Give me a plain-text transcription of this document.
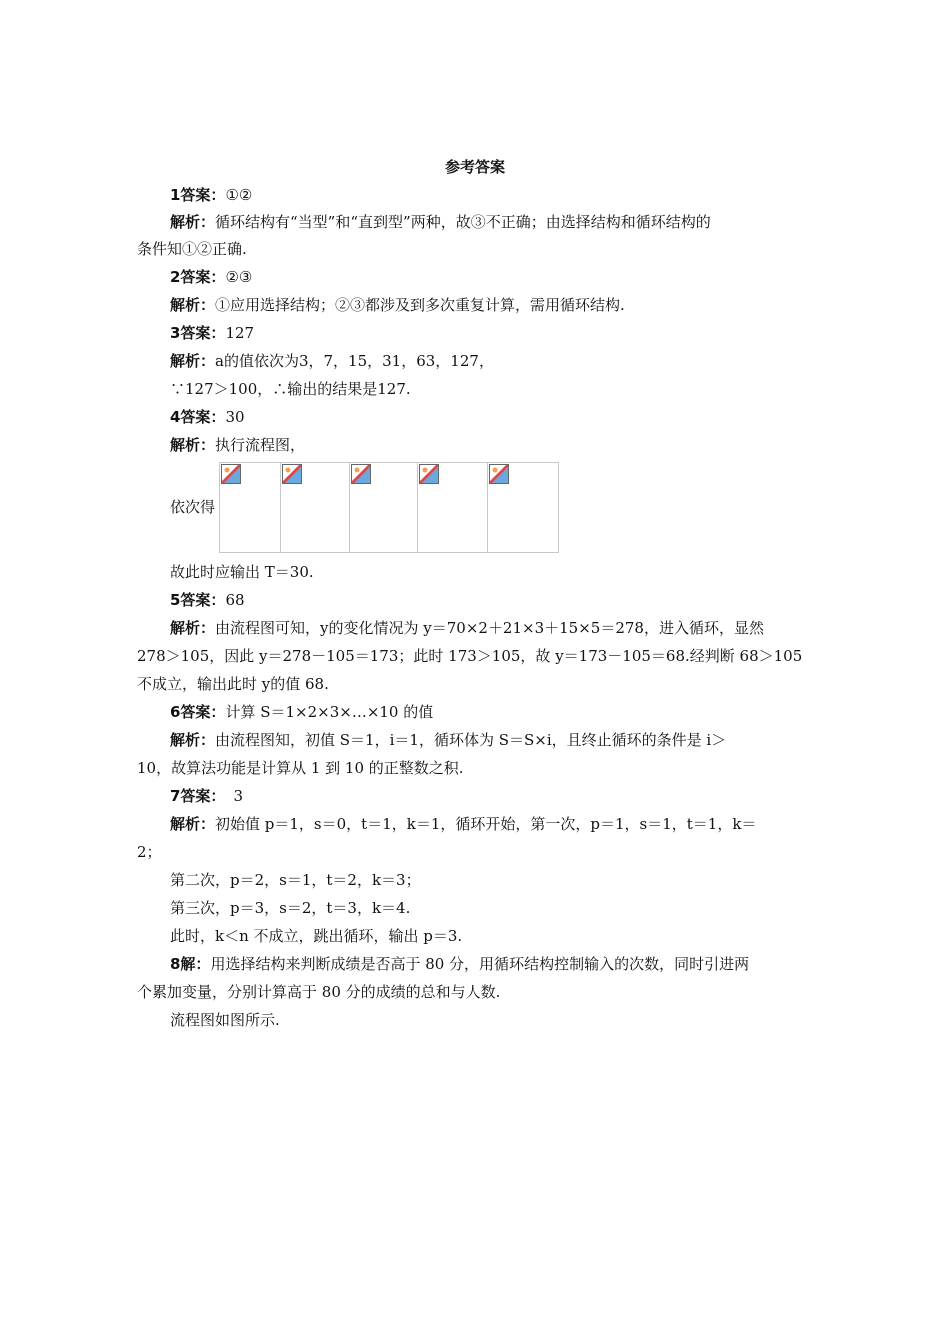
参考答案
1答案：①②
解析：循环结构有“当型”和“直到型”两种，故③不正确；由选择结构和循环结构的
条件知①②正确.
2答案：②③
解析：①应用选择结构；②③都涉及到多次重复计算，需用循环结构.
3答案：127
解析：a的值依次为3，7，15，31，63，127，
∵127＞100，∴输出的结果是127.
4答案：30
解析：执行流程图，
依次得
故此时应输出 T＝30.
5答案：68
解析：由流程图可知，y的变化情况为 y＝70×2＋21×3＋15×5＝278，进入循环，显然
278＞105，因此 y＝278－105＝173；此时 173＞105，故 y＝173－105＝68.经判断 68＞105
不成立，输出此时 y的值 68.
6答案：计算 S＝1×2×3×…×10 的值
解析：由流程图知，初值 S＝1，i＝1，循环体为 S＝S×i，且终止循环的条件是 i＞
10，故算法功能是计算从 1 到 10 的正整数之积.
7答案： 3
解析：初始值 p＝1，s＝0，t＝1，k＝1，循环开始，第一次，p＝1，s＝1，t＝1，k＝
2；
第二次，p＝2，s＝1，t＝2，k＝3；
第三次，p＝3，s＝2，t＝3，k＝4.
此时，k＜n 不成立，跳出循环，输出 p＝3.
8解：用选择结构来判断成绩是否高于 80 分，用循环结构控制输入的次数，同时引进两
个累加变量，分别计算高于 80 分的成绩的总和与人数.
流程图如图所示.
